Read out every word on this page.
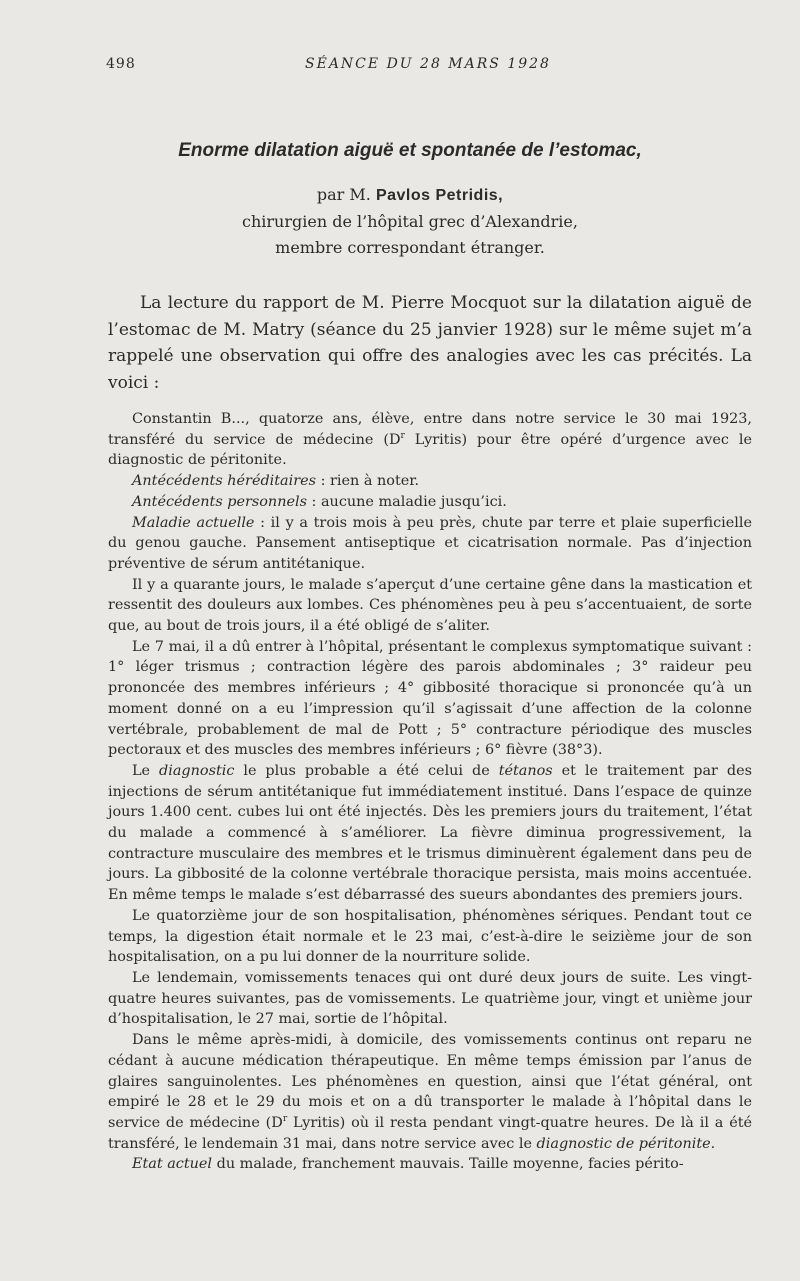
498	SÉANCE DU 28 MARS 1928
Enorme dilatation aiguë et spontanée de l’estomac,
par M. Pavlos Petridis,
chirurgien de l’hôpital grec d’Alexandrie,
membre correspondant étranger.

La lecture du rapport de M. Pierre Mocquot sur la dilatation aiguë de l’estomac de M. Matry (séance du 25 janvier 1928) sur le même sujet m’a rappelé une observation qui offre des analogies avec les cas précités. La voici :

Constantin B..., quatorze ans, élève, entre dans notre service le 30 mai 1923, transféré du service de médecine ($D^r$ Lyritis) pour être opéré d’urgence avec le diagnostic de péritonite.

Antécédents héréditaires : rien à noter.

Antécédents personnels : aucune maladie jusqu’ici.

Maladie actuelle : il y a trois mois à peu près, chute par terre et plaie superficielle du genou gauche. Pansement antiseptique et cicatrisation normale. Pas d’injection préventive de sérum antitétanique.

Il y a quarante jours, le malade s’aperçut d’une certaine gêne dans la mastication et ressentit des douleurs aux lombes. Ces phénomènes peu à peu s’accentuaient, de sorte que, au bout de trois jours, il a été obligé de s’aliter.

Le 7 mai, il a dû entrer à l’hôpital, présentant le complexus symptomatique suivant : 1° léger trismus ; contraction légère des parois abdominales ; 3° raideur peu prononcée des membres inférieurs ; 4° gibbosité thoracique si prononcée qu’à un moment donné on a eu l’impression qu’il s’agissait d’une affection de la colonne vertébrale, probablement de mal de Pott ; 5° contracture périodique des muscles pectoraux et des muscles des membres inférieurs ; 6° fièvre (38°3).

Le diagnostic le plus probable a été celui de tétanos et le traitement par des injections de sérum antitétanique fut immédiatement institué. Dans l’espace de quinze jours 1.400 cent. cubes lui ont été injectés. Dès les premiers jours du traitement, l’état du malade a commencé à s’améliorer. La fièvre diminua progressivement, la contracture musculaire des membres et le trismus diminuèrent également dans peu de jours. La gibbosité de la colonne vertébrale thoracique persista, mais moins accentuée. En même temps le malade s’est débarrassé des sueurs abondantes des premiers jours.

Le quatorzième jour de son hospitalisation, phénomènes sériques. Pendant tout ce temps, la digestion était normale et le 23 mai, c’est-à-dire le seizième jour de son hospitalisation, on a pu lui donner de la nourriture solide.

Le lendemain, vomissements tenaces qui ont duré deux jours de suite. Les vingt-quatre heures suivantes, pas de vomissements. Le quatrième jour, vingt et unième jour d’hospitalisation, le 27 mai, sortie de l’hôpital.

Dans le même après-midi, à domicile, des vomissements continus ont reparu ne cédant à aucune médication thérapeutique. En même temps émission par l’anus de glaires sanguinolentes. Les phénomènes en question, ainsi que l’état général, ont empiré le 28 et le 29 du mois et on a dû transporter le malade à l’hôpital dans le service de médecine ($D^r$ Lyritis) où il resta pendant vingt-quatre heures. De là il a été transféré, le lendemain 31 mai, dans notre service avec le diagnostic de péritonite.

Etat actuel du malade, franchement mauvais. Taille moyenne, facies périto-
